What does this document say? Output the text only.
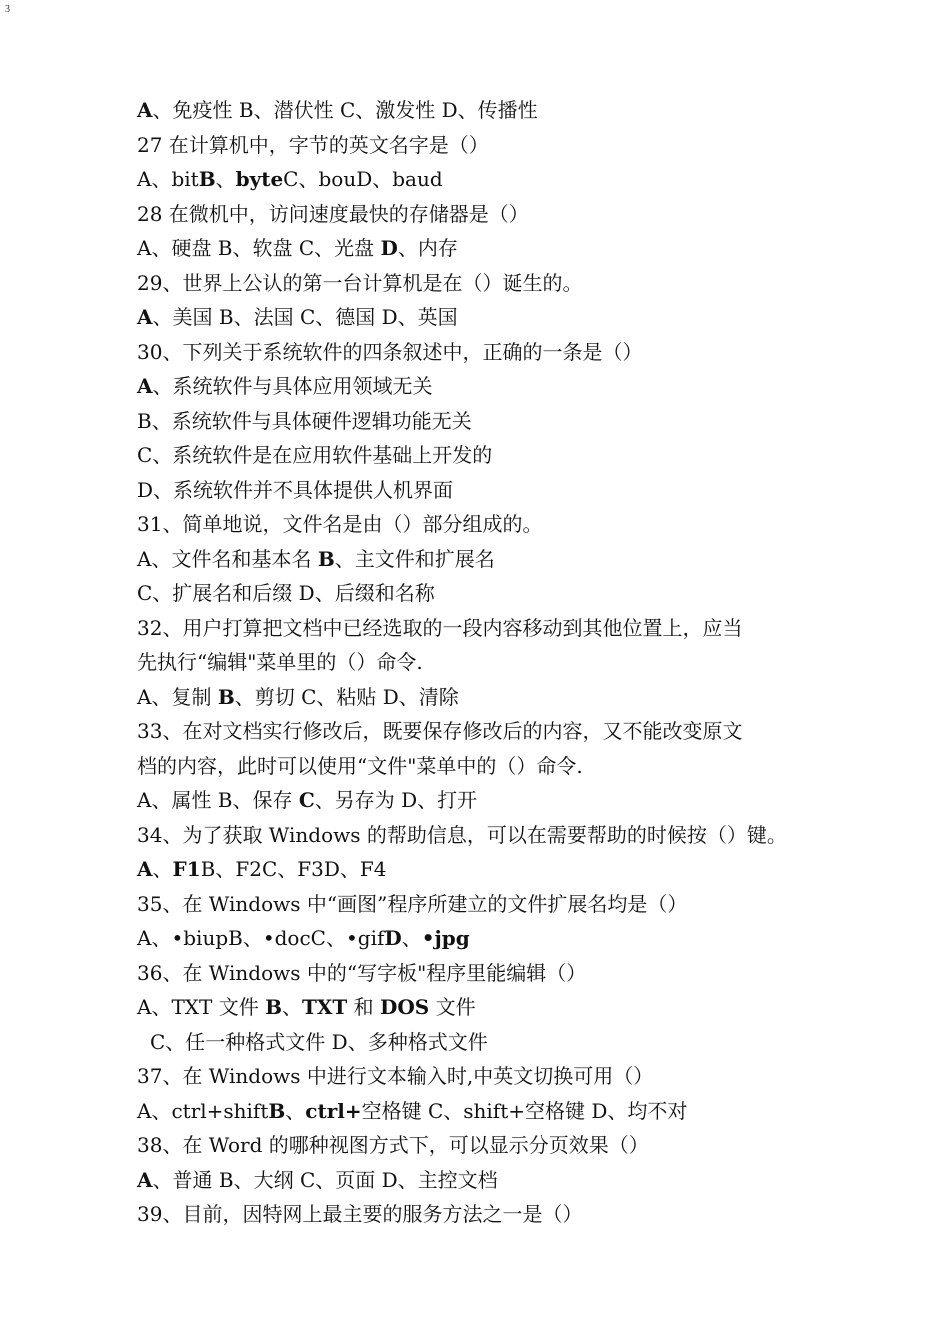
3
A、免疫性 B、潜伏性 C、激发性 D、传播性
27 在计算机中，字节的英文名字是（）
A、bitB、byteC、bouD、baud
28 在微机中，访问速度最快的存储器是（）
A、硬盘 B、软盘 C、光盘 D、内存
29、世界上公认的第一台计算机是在（）诞生的。
A、美国 B、法国 C、德国 D、英国
30、下列关于系统软件的四条叙述中，正确的一条是（）
A、系统软件与具体应用领域无关
B、系统软件与具体硬件逻辑功能无关
C、系统软件是在应用软件基础上开发的
D、系统软件并不具体提供人机界面
31、简单地说，文件名是由（）部分组成的。
A、文件名和基本名 B、主文件和扩展名
C、扩展名和后缀 D、后缀和名称
32、用户打算把文档中已经选取的一段内容移动到其他位置上，应当
先执行“编辑"菜单里的（）命令.
A、复制 B、剪切 C、粘贴 D、清除
33、在对文档实行修改后，既要保存修改后的内容，又不能改变原文
档的内容，此时可以使用“文件"菜单中的（）命令.
A、属性 B、保存 C、另存为 D、打开
34、为了获取 Windows 的帮助信息，可以在需要帮助的时候按（）键。
A、F1B、F2C、F3D、F4
35、在 Windows 中“画图”程序所建立的文件扩展名均是（）
A、•biupB、•docC、•gifD、•jpg
36、在 Windows 中的“写字板"程序里能编辑（）
A、TXT 文件 B、TXT 和 DOS 文件
C、任一种格式文件 D、多种格式文件
37、在 Windows 中进行文本输入时,中英文切换可用（）
A、ctrl+shiftB、ctrl+空格键 C、shift+空格键 D、均不对
38、在 Word 的哪种视图方式下，可以显示分页效果（）
A、普通 B、大纲 C、页面 D、主控文档
39、目前，因特网上最主要的服务方法之一是（）
